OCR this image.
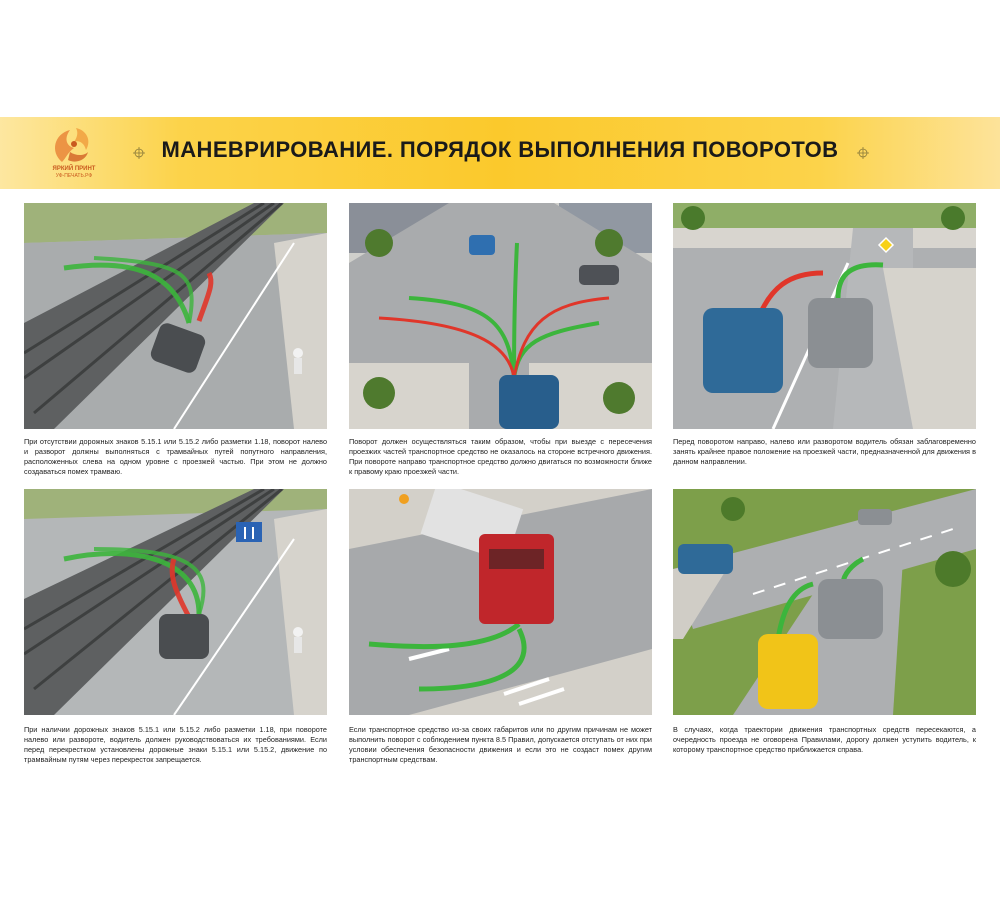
ЯРКИЙ ПРИНТ
УФ-ПЕЧАТЬ.РФ
МАНЕВРИРОВАНИЕ. ПОРЯДОК ВЫПОЛНЕНИЯ ПОВОРОТОВ
При отсутствии дорожных знаков 5.15.1 или 5.15.2 либо разметки 1.18, поворот налево и разворот должны выполняться с трамвайных путей попутного направления, расположенных слева на одном уровне с проезжей частью. При этом не должно создаваться помех трамваю.
Поворот должен осуществляться таким образом, чтобы при выезде с пересечения проезжих частей транспортное средство не оказалось на стороне встречного движения. При повороте направо транспортное средство должно двигаться по возможности ближе к правому краю проезжей части.
Перед поворотом направо, налево или разворотом водитель обязан заблаговременно занять крайнее правое положение на проезжей части, предназначенной для движения в данном направлении.
При наличии дорожных знаков 5.15.1 или 5.15.2 либо разметки 1.18, при повороте налево или развороте, водитель должен руководствоваться их требованиями. Если перед перекрестком установлены дорожные знаки 5.15.1 или 5.15.2, движение по трамвайным путям через перекресток запрещается.
Если транспортное средство из-за своих габаритов или по другим причинам не может выполнить поворот с соблюдением пункта 8.5 Правил, допускается отступать от них при условии обеспечения безопасности движения и если это не создаст помех другим транспортным средствам.
В случаях, когда траектории движения транспортных средств пересекаются, а очередность проезда не оговорена Правилами, дорогу должен уступить водитель, к которому транспортное средство приближается справа.
